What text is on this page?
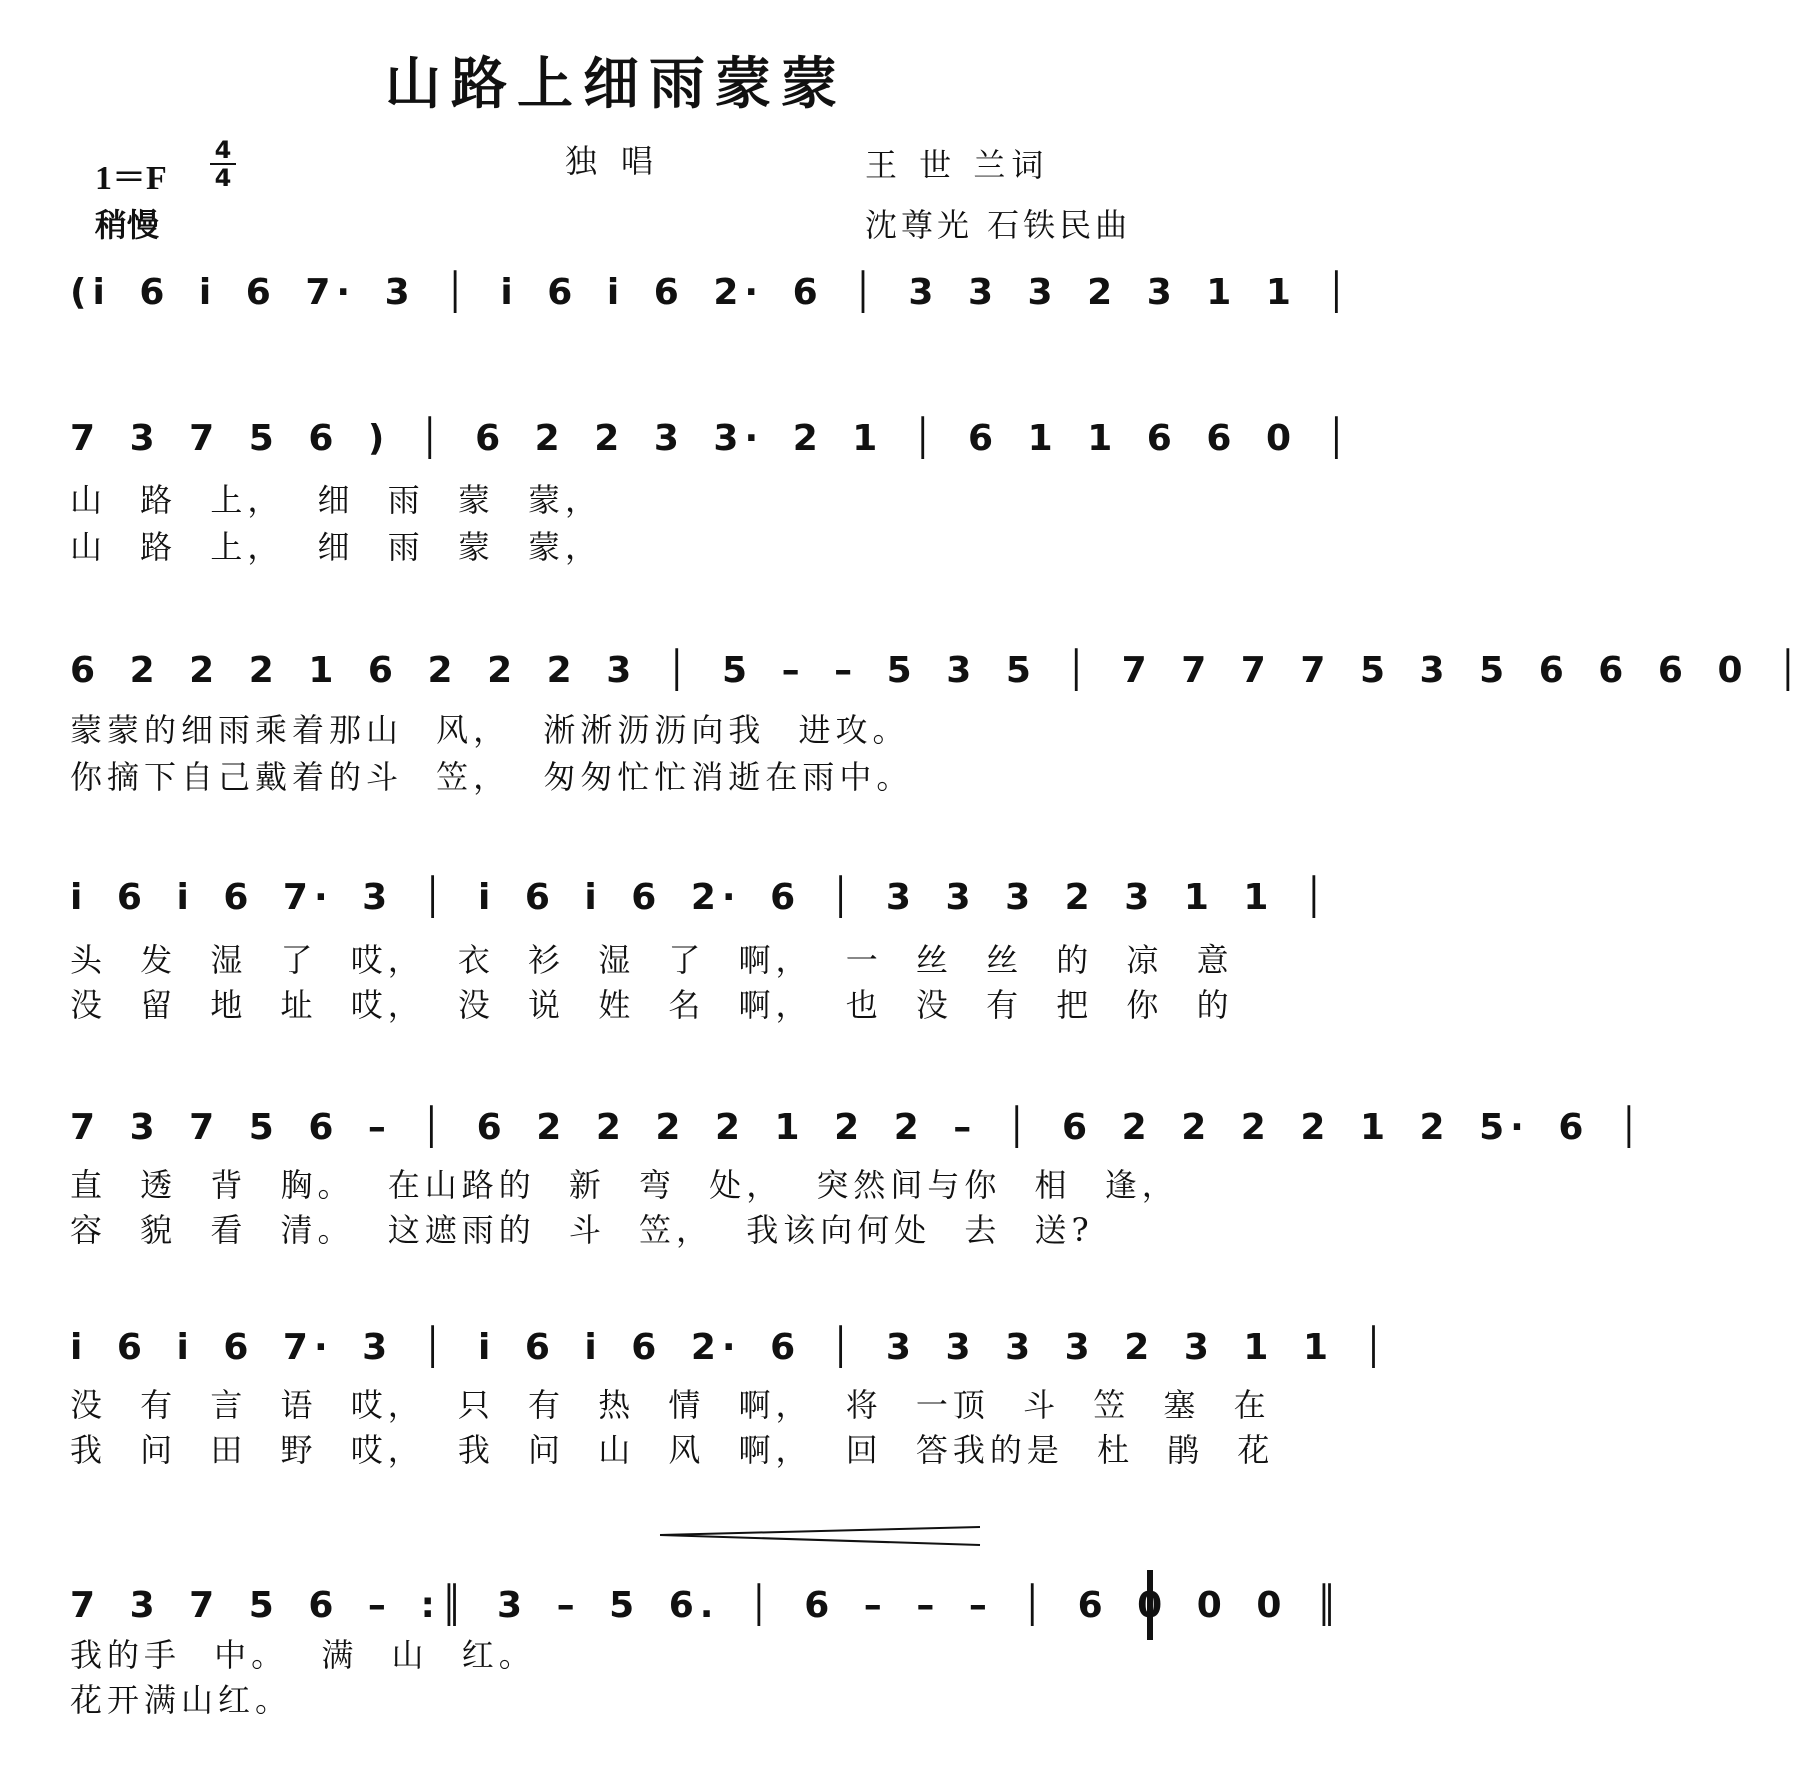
山路上细雨蒙蒙
1＝F
4
4
稍慢
独唱	王 世 兰词
沈尊光 石铁民曲
(i 6 i 6 7· 3 │ i 6 i 6 2· 6 │ 3 3 3 2 3 1 1 │
7 3 7 5 6 ) │ 6 2 2 3 3· 2 1 │ 6 1 1 6 6 0 │
山 路 上， 细 雨 蒙 蒙，
山 路 上， 细 雨 蒙 蒙，
6 2 2 2 1 6 2 2 2 3 │ 5 – – 5 3 5 │ 7 7 7 7 5 3 5 6 6 6 0 │
蒙蒙的细雨乘着那山 风， 淅淅沥沥向我 进攻。
你摘下自己戴着的斗 笠， 匆匆忙忙消逝在雨中。
i 6 i 6 7· 3 │ i 6 i 6 2· 6 │ 3 3 3 2 3 1 1 │
头 发 湿 了 哎， 衣 衫 湿 了 啊， 一 丝 丝 的 凉 意
没 留 地 址 哎， 没 说 姓 名 啊， 也 没 有 把 你 的
7 3 7 5 6 – │ 6 2 2 2 2 1 2 2 – │ 6 2 2 2 2 1 2 5· 6 │
直 透 背 胸。 在山路的 新 弯 处， 突然间与你 相 逢，
容 貌 看 清。 这遮雨的 斗 笠， 我该向何处 去 送?
i 6 i 6 7· 3 │ i 6 i 6 2· 6 │ 3 3 3 3 2 3 1 1 │
没 有 言 语 哎， 只 有 热 情 啊， 将 一顶 斗 笠 塞 在
我 问 田 野 哎， 我 问 山 风 啊， 回 答我的是 杜 鹃 花
7 3 7 5 6 – :║ 3 – 5 6. │ 6 – – – │ 6 0 0 0 ║
我的手 中。 满 山 红。
花开满山红。
